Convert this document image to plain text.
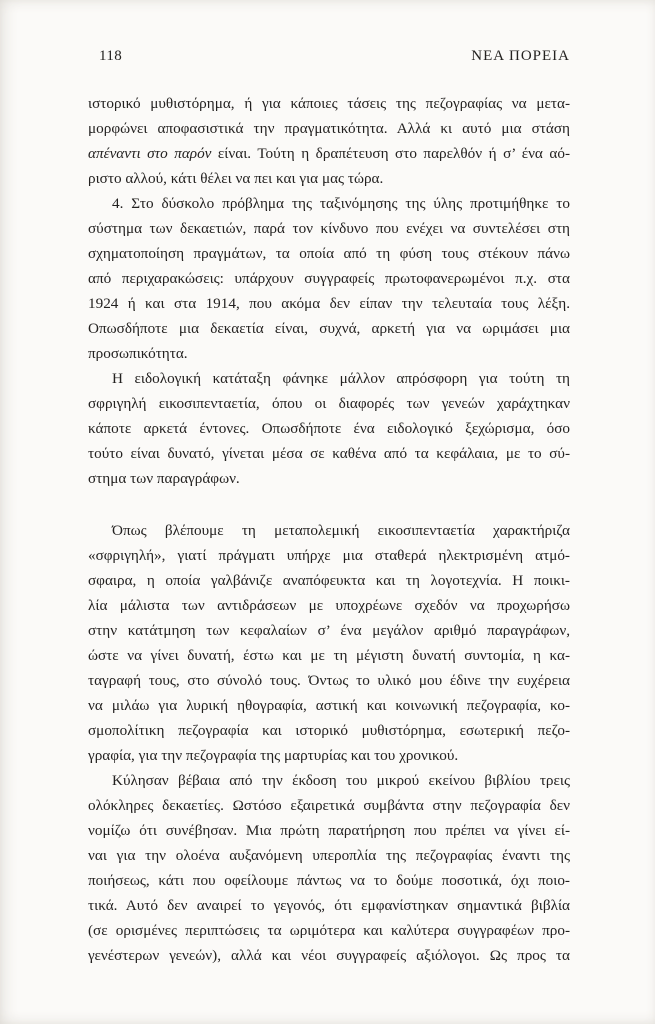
118	ΝΕΑ ΠΟΡΕΙΑ
ιστορικό μυθιστόρημα, ή για κάποιες τάσεις της πεζογραφίας να μετα-
μορφώνει αποφασιστικά την πραγματικότητα. Αλλά κι αυτό μια στάση
απέναντι στο παρόν είναι. Τούτη η δραπέτευση στο παρελθόν ή σ’ ένα αό-
ριστο αλλού, κάτι θέλει να πει και για μας τώρα.
4. Στο δύσκολο πρόβλημα της ταξινόμησης της ύλης προτιμήθηκε το
σύστημα των δεκαετιών, παρά τον κίνδυνο που ενέχει να συντελέσει στη
σχηματοποίηση πραγμάτων, τα οποία από τη φύση τους στέκουν πάνω
από περιχαρακώσεις: υπάρχουν συγγραφείς πρωτοφανερωμένοι π.χ. στα
1924 ή και στα 1914, που ακόμα δεν είπαν την τελευταία τους λέξη.
Οπωσδήποτε μια δεκαετία είναι, συχνά, αρκετή για να ωριμάσει μια
προσωπικότητα.
Η ειδολογική κατάταξη φάνηκε μάλλον απρόσφορη για τούτη τη
σφριγηλή εικοσιπενταετία, όπου οι διαφορές των γενεών χαράχτηκαν
κάποτε αρκετά έντονες. Οπωσδήποτε ένα ειδολογικό ξεχώρισμα, όσο
τούτο είναι δυνατό, γίνεται μέσα σε καθένα από τα κεφάλαια, με το σύ-
στημα των παραγράφων.
Όπως βλέπουμε τη μεταπολεμική εικοσιπενταετία χαρακτήριζα
«σφριγηλή», γιατί πράγματι υπήρχε μια σταθερά ηλεκτρισμένη ατμό-
σφαιρα, η οποία γαλβάνιζε αναπόφευκτα και τη λογοτεχνία. Η ποικι-
λία μάλιστα των αντιδράσεων με υποχρέωνε σχεδόν να προχωρήσω
στην κατάτμηση των κεφαλαίων σ’ ένα μεγάλον αριθμό παραγράφων,
ώστε να γίνει δυνατή, έστω και με τη μέγιστη δυνατή συντομία, η κα-
ταγραφή τους, στο σύνολό τους. Όντως το υλικό μου έδινε την ευχέρεια
να μιλάω για λυρική ηθογραφία, αστική και κοινωνική πεζογραφία, κο-
σμοπολίτικη πεζογραφία και ιστορικό μυθιστόρημα, εσωτερική πεζο-
γραφία, για την πεζογραφία της μαρτυρίας και του χρονικού.
Κύλησαν βέβαια από την έκδοση του μικρού εκείνου βιβλίου τρεις
ολόκληρες δεκαετίες. Ωστόσο εξαιρετικά συμβάντα στην πεζογραφία δεν
νομίζω ότι συνέβησαν. Μια πρώτη παρατήρηση που πρέπει να γίνει εί-
ναι για την ολοένα αυξανόμενη υπεροπλία της πεζογραφίας έναντι της
ποιήσεως, κάτι που οφείλουμε πάντως να το δούμε ποσοτικά, όχι ποιο-
τικά. Αυτό δεν αναιρεί το γεγονός, ότι εμφανίστηκαν σημαντικά βιβλία
(σε ορισμένες περιπτώσεις τα ωριμότερα και καλύτερα συγγραφέων προ-
γενέστερων γενεών), αλλά και νέοι συγγραφείς αξιόλογοι. Ως προς τα
